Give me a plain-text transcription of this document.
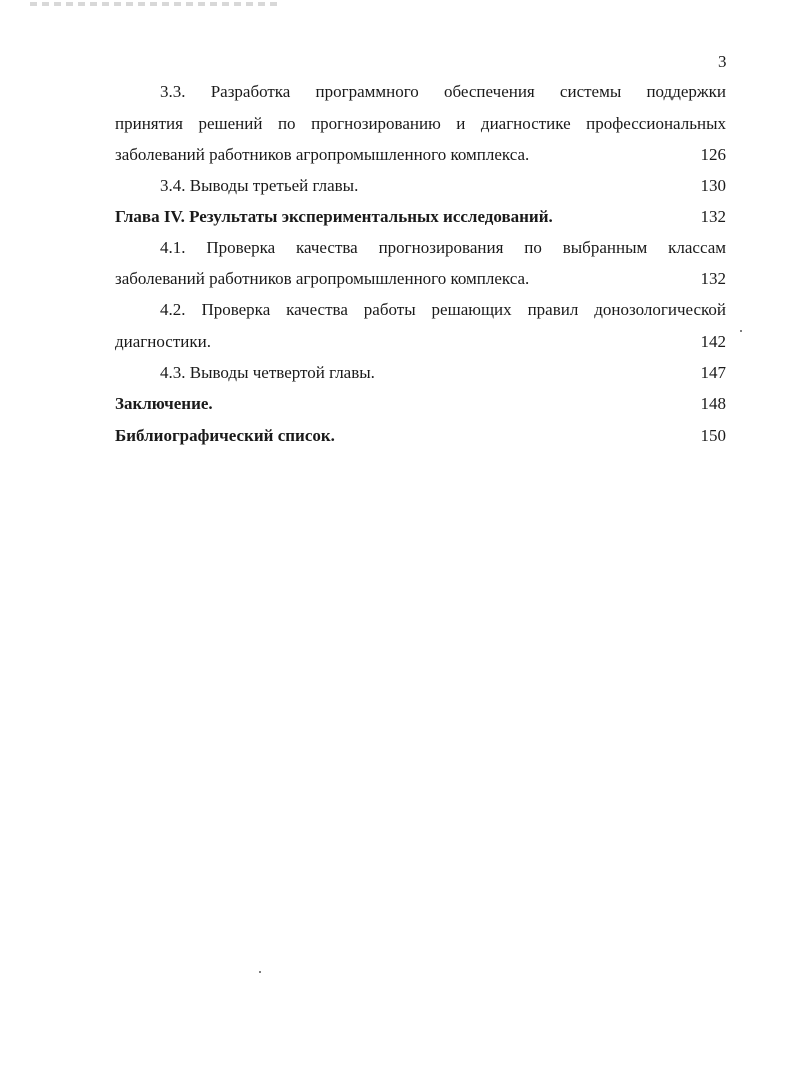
3
3.3. Разработка программного обеспечения системы поддержки
принятия решений по прогнозированию и диагностике профессиональных
заболеваний работников агропромышленного комплекса.	126
3.4. Выводы третьей главы.	130
Глава IV. Результаты экспериментальных исследований.	132
4.1. Проверка качества прогнозирования по выбранным классам
заболеваний работников агропромышленного комплекса.	132
4.2. Проверка качества работы решающих правил донозологической
диагностики.	142
4.3. Выводы четвертой главы.	147
Заключение.	148
Библиографический список.	150
